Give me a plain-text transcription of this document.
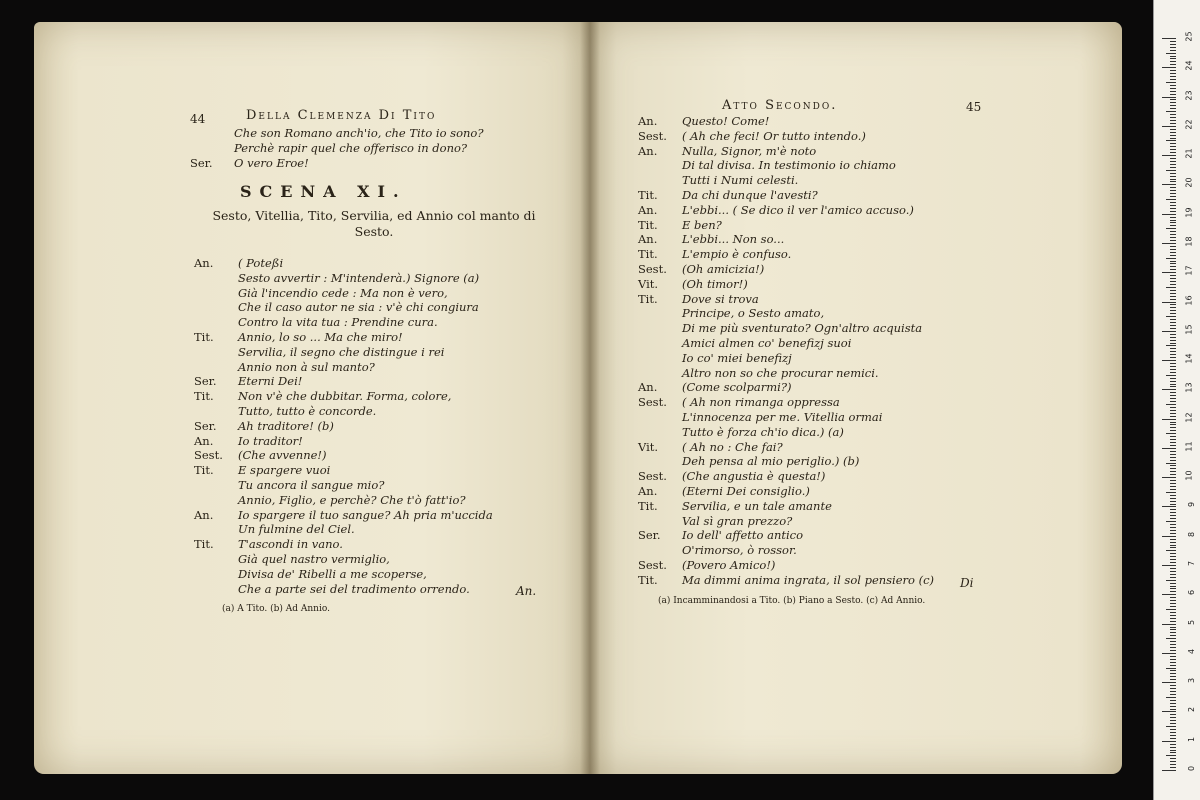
44	Della Clemenza Di Tito
Che son Romano anch'io, che Tito io sono?
Perchè rapir quel che offerisco in dono?
Ser. O vero Eroe!
SCENA XI.
Sesto, Vitellia, Tito, Servilia, ed Annio col manto di Sesto.
An. ( Poteßi
Sesto avvertir : M'intenderà.) Signore (a)
Già l'incendio cede : Ma non è vero,
Che il caso autor ne sia : v'è chi congiura
Contro la vita tua : Prendine cura.
Tit. Annio, lo so ... Ma che miro!
Servilia, il segno che distingue i rei
Annio non à sul manto?
Ser. Eterni Dei!
Tit. Non v'è che dubbitar. Forma, colore,
Tutto, tutto è concorde.
Ser. Ah traditore! (b)
An. Io traditor!
Sest. (Che avvenne!)
Tit. E spargere vuoi
Tu ancora il sangue mio?
Annio, Figlio, e perchè? Che t'ò fatt'io?
An. Io spargere il tuo sangue? Ah pria m'uccida
Un fulmine del Ciel.
Tit. T'ascondi in vano.
Già quel nastro vermiglio,
Divisa de' Ribelli a me scoperse,
Che a parte sei del tradimento orrendo.	An.
(a) A Tito. (b) Ad Annio.
Atto Secondo.	45
An. Questo! Come!
Sest. ( Ah che feci! Or tutto intendo.)
An. Nulla, Signor, m'è noto
Di tal divisa. In testimonio io chiamo
Tutti i Numi celesti.
Tit. Da chi dunque l'avesti?
An. L'ebbi... ( Se dico il ver l'amico accuso.)
Tit. E ben?
An. L'ebbi... Non so...
Tit. L'empio è confuso.
Sest. (Oh amicizia!)
Vit. (Oh timor!)
Tit. Dove si trova
Principe, o Sesto amato,
Di me più sventurato? Ogn'altro acquista
Amici almen co' benefizj suoi
Io co' miei benefizj
Altro non so che procurar nemici.
An. (Come scolparmi?)
Sest. ( Ah non rimanga oppressa
L'innocenza per me. Vitellia ormai
Tutto è forza ch'io dica.) (a)
Vit. ( Ah no : Che fai?
Deh pensa al mio periglio.) (b)
Sest. (Che angustia è questa!)
An. (Eterni Dei consiglio.)
Tit. Servilia, e un tale amante
Val sì gran prezzo?
Ser. Io dell' affetto antico
O'rimorso, ò rossor.
Sest. (Povero Amico!)
Tit. Ma dimmi anima ingrata, il sol pensiero (c) Di
(a) Incamminandosi a Tito. (b) Piano a Sesto. (c) Ad Annio.
0
1
2
3
4
5
6
7
8
9
10
11
12
13
14
15
16
17
18
19
20
21
22
23
24
25
